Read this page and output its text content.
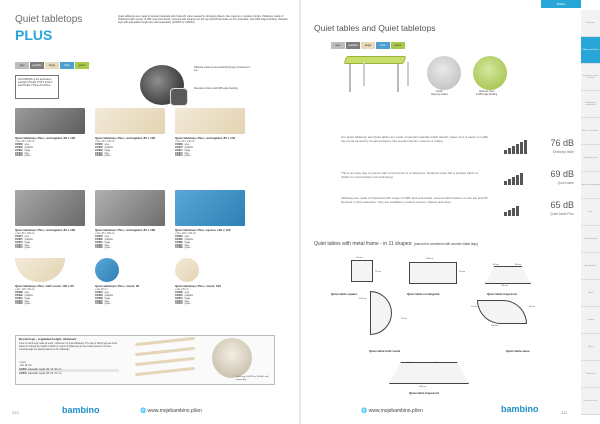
Quiet tabletops
PLUS
Quiet tabletops are made of special materials which absorb noise caused by dropped objects, like crayons or wooden blocks. Tabletops made of chipboard with a layer of HPL and soft-closed, covered with linoleum on the top and PP laminate on the underside, with ABS edge banding. Wooden legs with adjustable height are sold separately (123020 or 123040).
grey	graphite	beige	blue	green
ACCORDING to the application standard: PN-EN 1729-1:2016-2 and PN-EN 1729-2+A1:2016-2
Tabletop made of sound-absorbing layer (linoleum) in top
Rounded corners with ABS edge banding
Quiet tabletops Plus, rectangular, 68 x 120
• dim. 68 x 120 cm
105959	grey
105960	graphite
105961	beige
105962	blue
105963	green
Quiet tabletops Plus, rectangular, 80 x 120
• dim. 80 x 120 cm
105964	grey
105965	graphite
105966	beige
105967	blue
105968	green
Quiet tabletops Plus, rectangular, 80 x 140
• dim. 80 x 140 cm
105969	grey
105970	graphite
105971	beige
105972	blue
105973	green
Quiet tabletops Plus, rectangular, 80 x 160
• dim. 80 x 160 cm
105974	grey
105975	graphite
105976	beige
105977	blue
105978	green
Quiet tabletops Plus, rectangular, 80 x 180
• dim. 80 x 180 cm
105979	grey
105980	graphite
105981	beige
105982	blue
105983	green
Quiet tabletops Plus, square, 120 x 120
• dim. 120 x 120 cm
105984	grey
105985	graphite
105986	beige
105987	blue
105988	green
Quiet tabletops Plus, half-round, 120 x 60
• dim. 120 x 60 cm
105989	grey
105990	graphite
105991	beige
105992	blue
105993	green
Quiet tabletops Plus, round, 90
• dia. 90 cm
105994	grey
105995	graphite
105996	beige
105997	blue
105998	green
Quiet tabletops Plus, round, 120
• dia. 120 cm
105999	grey
106000	graphite
106001	beige
106002	blue
106003	green
Round legs - regulated height, whitened
A set of round legs made of wood - whitened, for quiet tabletops. The way in which legs are fixed allows to change the height of table by means of tightening up the ending element. Ice-free mounting legs are always placed on the tabletops.
• 4 pcs
• dia. 48 mm
123020  adjustable height (36, 46, 58 cm)
123040  adjustable height (58, 64, 76 cm)
Tube legs 100039 or 100040 sold separately
210	bambino	🌐 www.mojebambino.pl/en
Tables
Quiet tables and Quiet tabletops
grey	graphite	beige	blue	green
Rustic
damping surface
Linoleum cover
& ABS edge banding
Our Quiet tabletops and Quiet tables are made of special materials which absorb noises as it is easier to muffle the sound caused by dropped objects, like wooden blocks, crayons or cutlery.
This is an easy way to ensure calm environment in a classroom. Reduced noise has a positive effect on children's concentration and well-being.
Tabletops are made of chipboard with a layer of HDF and soft-closed, covered with linoleum on the top and PP laminate on the underside. They are available in various colours, shapes and sizes.
76 dB
Ordinary table
69 dB
Quiet table
65 dB
Quiet table Plus
Quiet tables with metal frame - in 11 shapes: (cannot be combined with wooden table legs)
Quiet table square	Quiet table rectangular	Quiet table trapezoid
Quiet table half-round	Quiet table wave
Quiet table trapezoid
70 cm
70 cm
140 cm
70 cm
80 cm	80 cm
150 cm
140 cm
70 cm
140 cm
80 cm
70 cm
140 cm
60 cm	70 cm
🌐 www.mojebambino.pl/en	bambino	211
Furniture
Tables and chairs
Bookcases and cabinets
Playground equipment
Rugs and textiles
Soft play areas
Sensory integration
Toys
Teaching aids
Art supplies
Sport
Outdoor
Baby
Stationery
Classroom acc.
